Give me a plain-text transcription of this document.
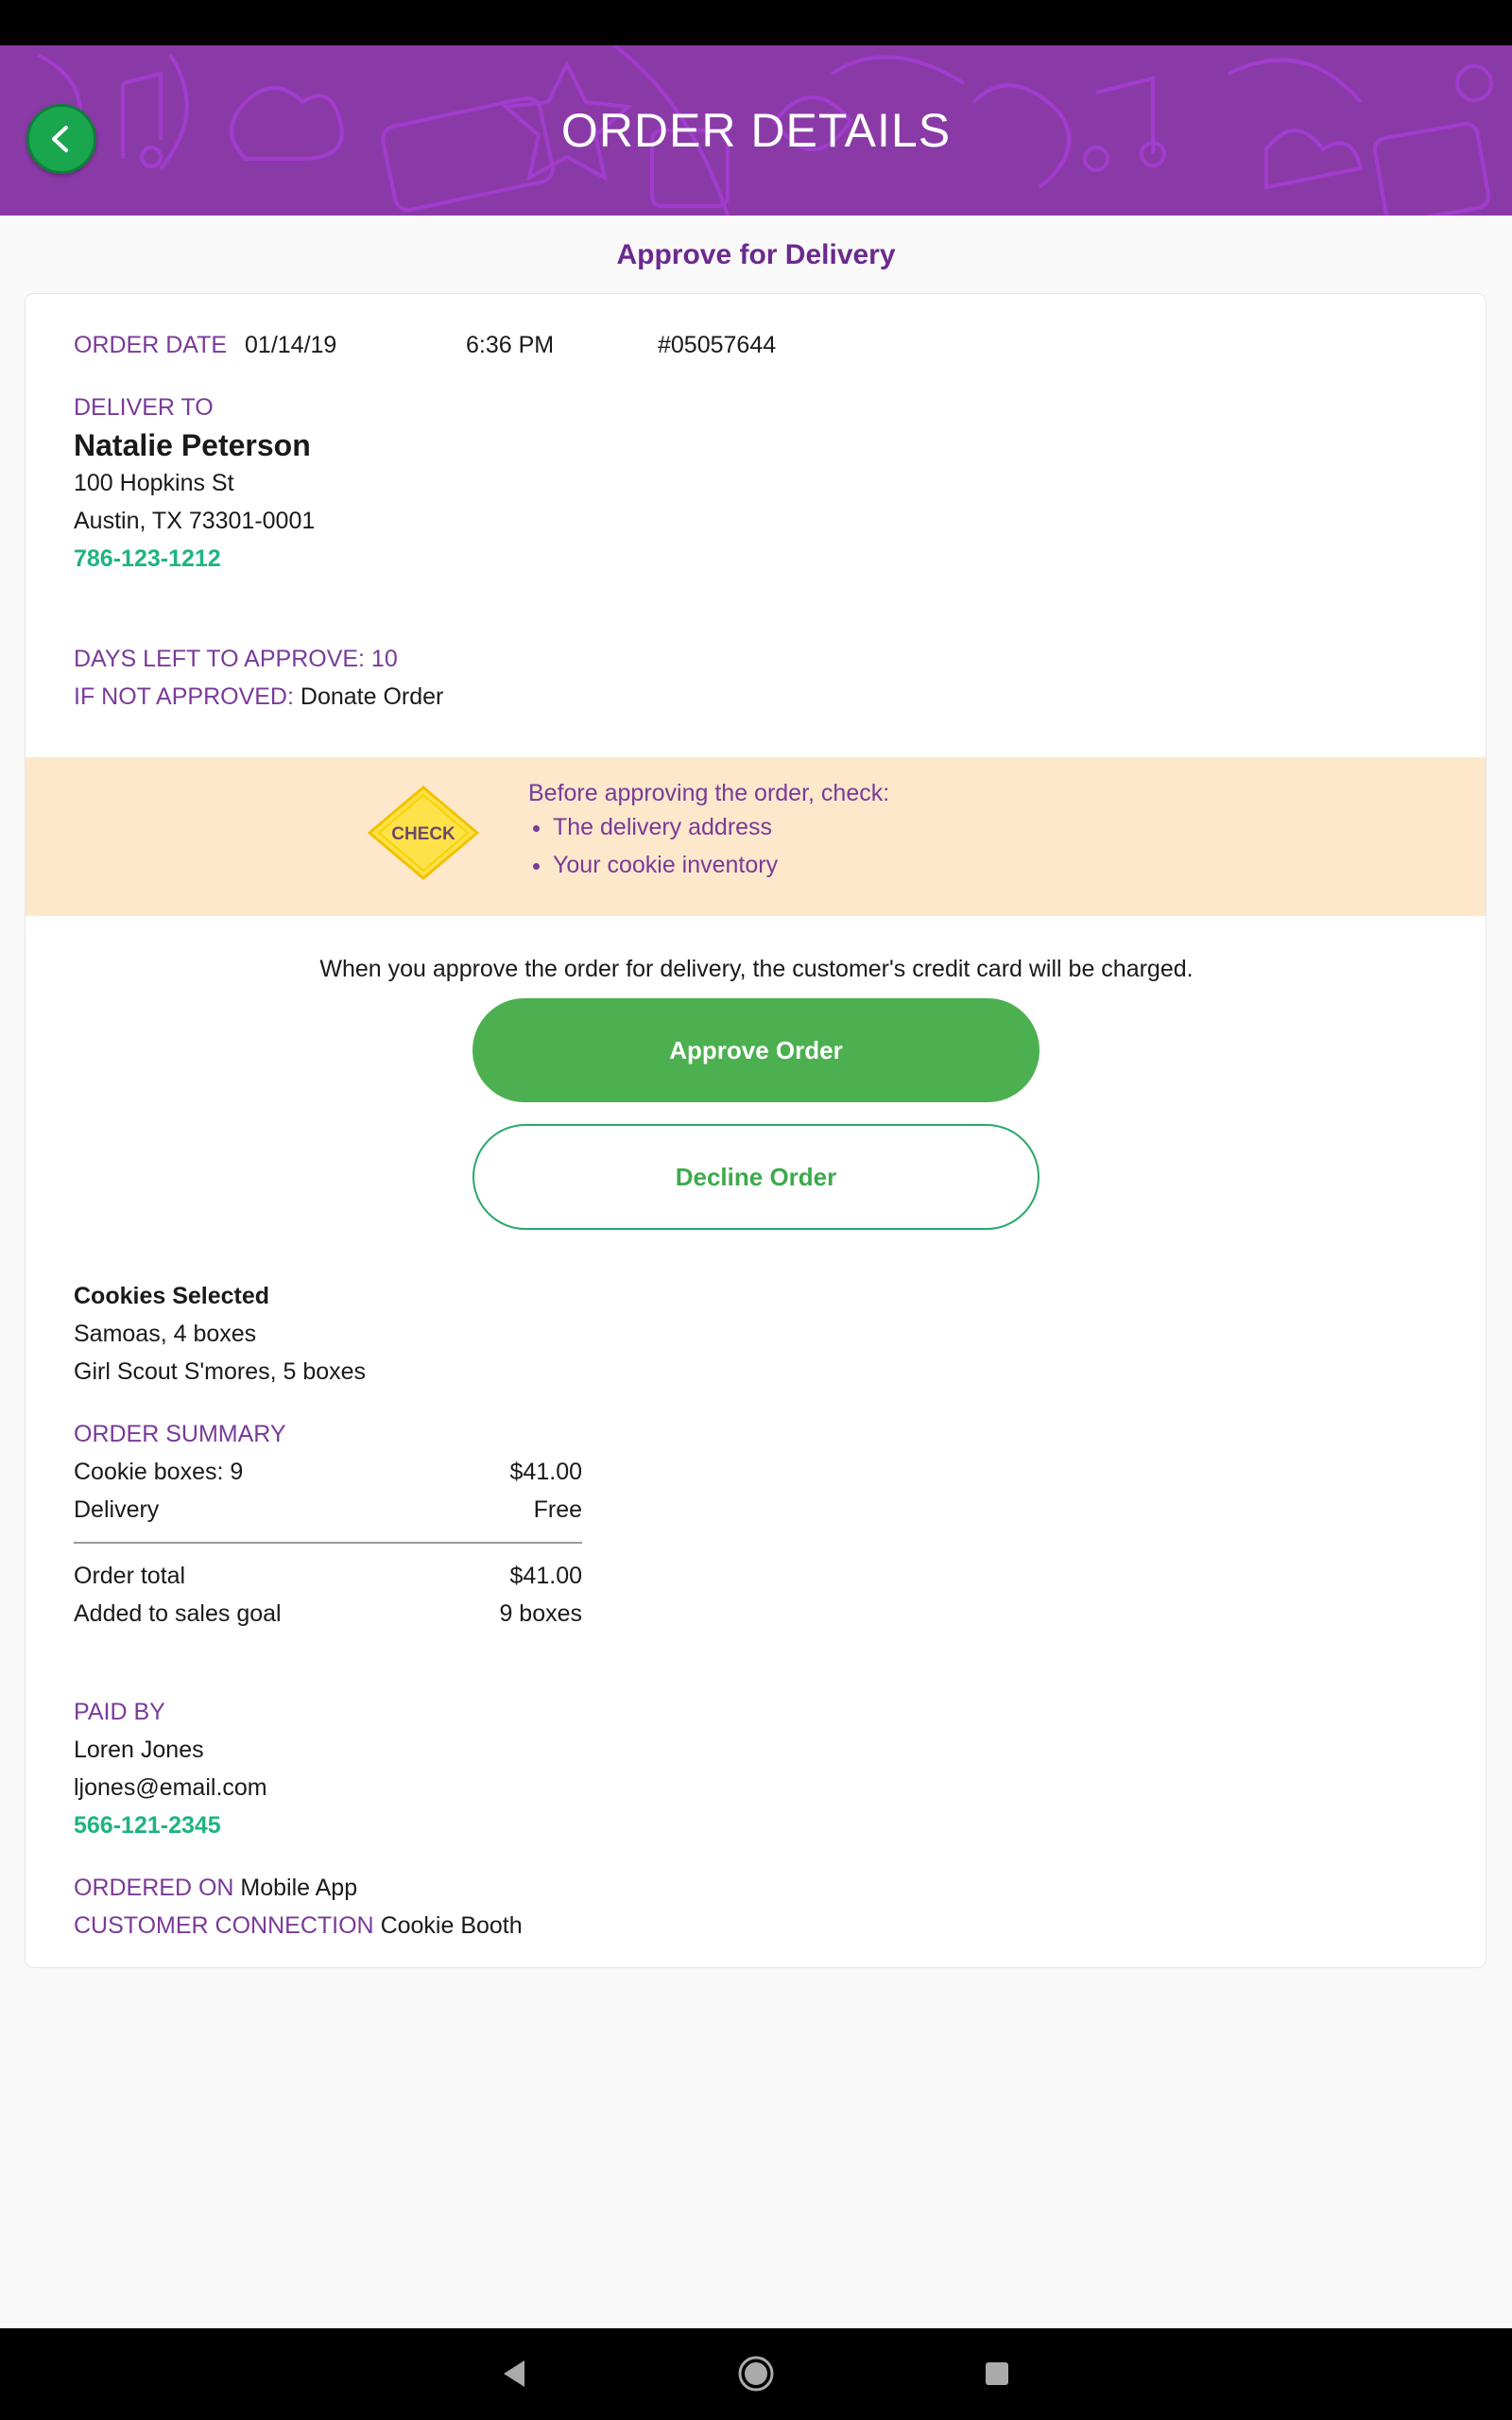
ORDER DETAILS
Approve for Delivery
ORDER DATE 01/14/19	6:36 PM	#05057644
DELIVER TO
Natalie Peterson
100 Hopkins St
Austin, TX 73301-0001
786-123-1212
DAYS LEFT TO APPROVE: 10
IF NOT APPROVED: Donate Order
CHECK
Before approving the order, check:
• The delivery address
• Your cookie inventory
When you approve the order for delivery, the customer's credit card will be charged.
Approve Order
Decline Order
Cookies Selected
Samoas, 4 boxes
Girl Scout S'mores, 5 boxes
ORDER SUMMARY
Cookie boxes: 9	$41.00
Delivery	Free
Order total	$41.00
Added to sales goal	9 boxes
PAID BY
Loren Jones
ljones@email.com
566-121-2345
ORDERED ON Mobile App
CUSTOMER CONNECTION Cookie Booth
